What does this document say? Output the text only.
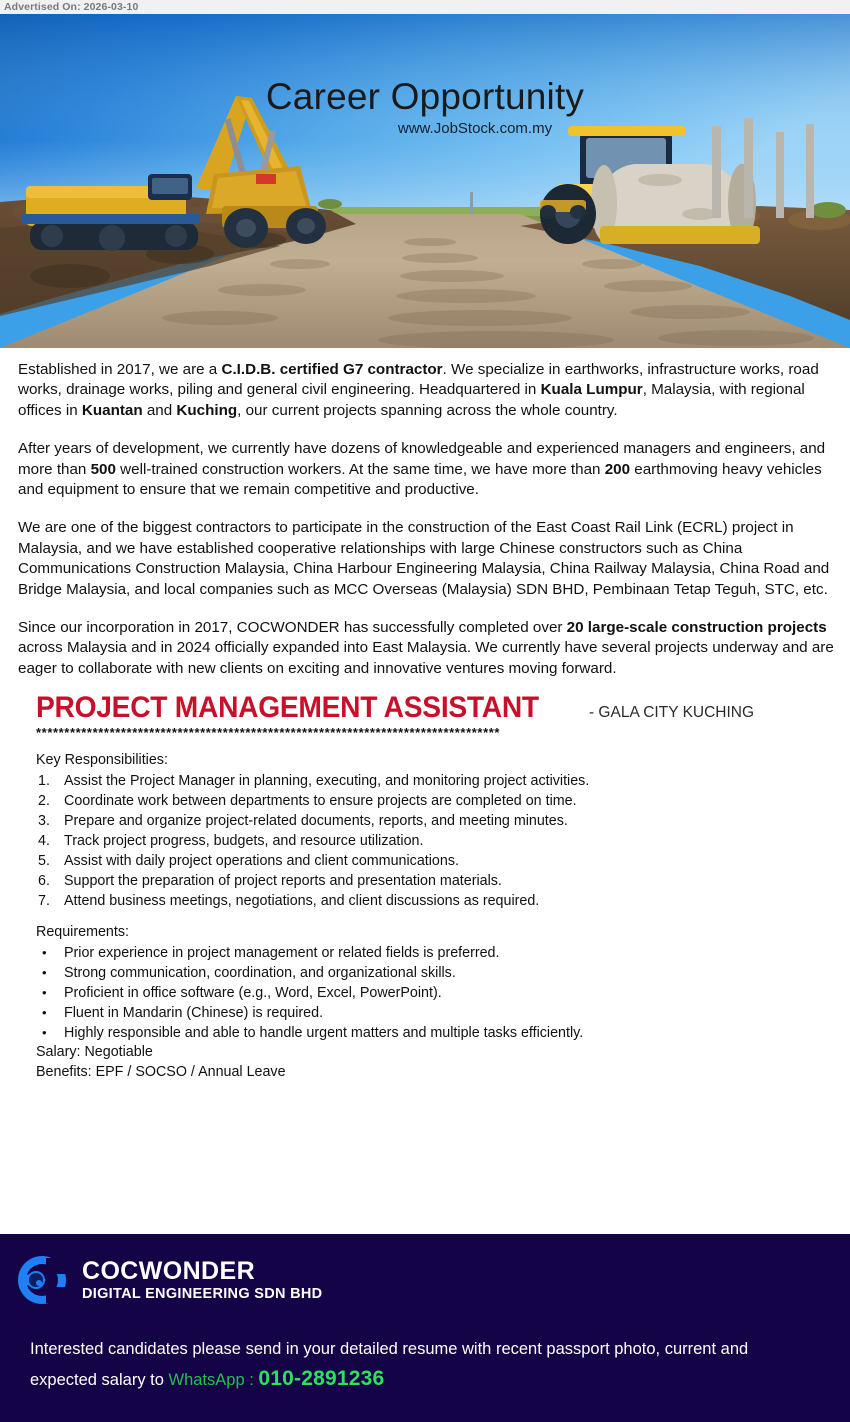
Advertised On: 2026-03-10
Career Opportunity
www.JobStock.com.my

Established in 2017, we are a C.I.D.B. certified G7 contractor. We specialize in earthworks, infrastructure works, road works, drainage works, piling and general civil engineering. Headquartered in Kuala Lumpur, Malaysia, with regional offices in Kuantan and Kuching, our current projects spanning across the whole country.

After years of development, we currently have dozens of knowledgeable and experienced managers and engineers, and more than 500 well-trained construction workers. At the same time, we have more than 200 earthmoving heavy vehicles and equipment to ensure that we remain competitive and productive.

We are one of the biggest contractors to participate in the construction of the East Coast Rail Link (ECRL) project in Malaysia, and we have established cooperative relationships with large Chinese constructors such as China Communications Construction Malaysia, China Harbour Engineering Malaysia, China Railway Malaysia, China Road and Bridge Malaysia, and local companies such as MCC Overseas (Malaysia) SDN BHD, Pembinaan Tetap Teguh, STC, etc.

Since our incorporation in 2017, COCWONDER has successfully completed over 20 large-scale construction projects across Malaysia and in 2024 officially expanded into East Malaysia. We currently have several projects underway and are eager to collaborate with new clients on exciting and innovative ventures moving forward.

PROJECT MANAGEMENT ASSISTANT	- GALA CITY KUCHING
**********************************************************************************
Key Responsibilities:
1. Assist the Project Manager in planning, executing, and monitoring project activities.
2. Coordinate work between departments to ensure projects are completed on time.
3. Prepare and organize project-related documents, reports, and meeting minutes.
4. Track project progress, budgets, and resource utilization.
5. Assist with daily project operations and client communications.
6. Support the preparation of project reports and presentation materials.
7. Attend business meetings, negotiations, and client discussions as required.
Requirements:
•	Prior experience in project management or related fields is preferred.
•	Strong communication, coordination, and organizational skills.
•	Proficient in office software (e.g., Word, Excel, PowerPoint).
•	Fluent in Mandarin (Chinese) is required.
•	Highly responsible and able to handle urgent matters and multiple tasks efficiently.
Salary: Negotiable
Benefits: EPF / SOCSO / Annual Leave
COCWONDER
DIGITAL ENGINEERING SDN BHD
Interested candidates please send in your detailed resume with recent passport photo, current and
expected salary to WhatsApp : 010-2891236
